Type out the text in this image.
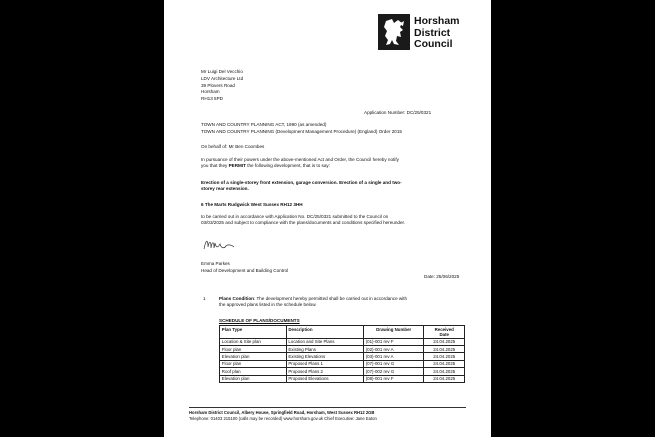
Horsham
District
Council
Mr Luigi Del Vecchio
LDV Architecture Ltd
39 Plovers Road
Horsham
RH13 5PD
Application Number: DC/25/0321
TOWN AND COUNTRY PLANNING ACT, 1990 (as amended)
TOWN AND COUNTRY PLANNING (Development Management Procedure) (England) Order 2015
On behalf of: Mr Ben Coombes
In pursuance of their powers under the above-mentioned Act and Order, the Council hereby notify
you that they PERMIT the following development, that is to say:
Erection of a single-storey front extension, garage conversion. Erection of a single and two-
storey rear extension.
6 The Marts Rudgwick West Sussex RH12 3HH
to be carried out in accordance with Application No. DC/25/0321 submitted to the Council on
03/03/2025 and subject to compliance with the plans/documents and conditions specified hereunder.
Emma Parkes
Head of Development and Building Control
Date: 25/06/2025
1	Plans Condition: The development hereby permitted shall be carried out in accordance with
the approved plans listed in the schedule below.
SCHEDULE OF PLANS/DOCUMENTS
Plan Type	Description	Drawing Number	Received
Date

Location & Site plan	Location and Site Plans	(01)-001 rev F	24.04.2025
Floor plan	Existing Plans	(02)-001 rev A	24.04.2025
Elevation plan	Existing Elevations	(03)-001 rev A	24.04.2025
Floor plan	Proposed Plans 1	(07)-001 rev G	24.04.2025
Roof plan	Proposed Plans 2	(07)-002 rev G	24.04.2025
Elevation plan	Proposed Elevations	(08)-001 rev F	24.04.2025
Horsham District Council, Albery House, Springfield Road, Horsham, West Sussex RH12 2GB
Telephone: 01403 215100 (calls may be recorded) www.horsham.gov.uk Chief Executive: Jane Eaton
